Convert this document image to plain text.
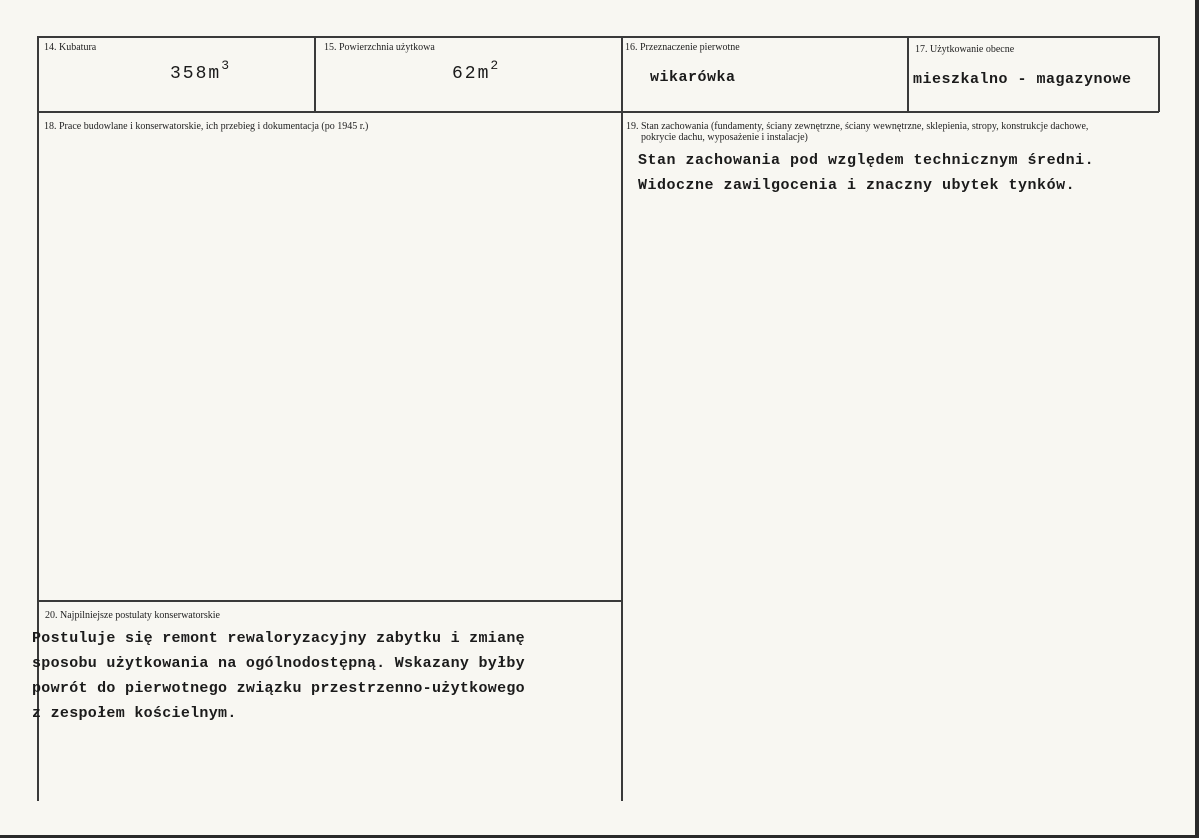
14. Kubatura
$358m^3$
15. Powierzchnia użytkowa
$62m^2$
16. Przeznaczenie pierwotne
wikarówka
17. Użytkowanie obecne
mieszkalno - magazynowe
18. Prace budowlane i konserwatorskie, ich przebieg i dokumentacja (po 1945 r.)	19. Stan zachowania (fundamenty, ściany zewnętrzne, ściany wewnętrzne, sklepienia, stropy, konstrukcje dachowe,
pokrycie dachu, wyposażenie i instalacje)
Stan zachowania pod względem technicznym średni.
Widoczne zawilgocenia i znaczny ubytek tynków.
20. Najpilniejsze postulaty konserwatorskie
Postuluje się remont rewaloryzacyjny zabytku i zmianę
sposobu użytkowania na ogólnodostępną. Wskazany byłby
powrót do pierwotnego związku przestrzenno-użytkowego
z zespołem kościelnym.
